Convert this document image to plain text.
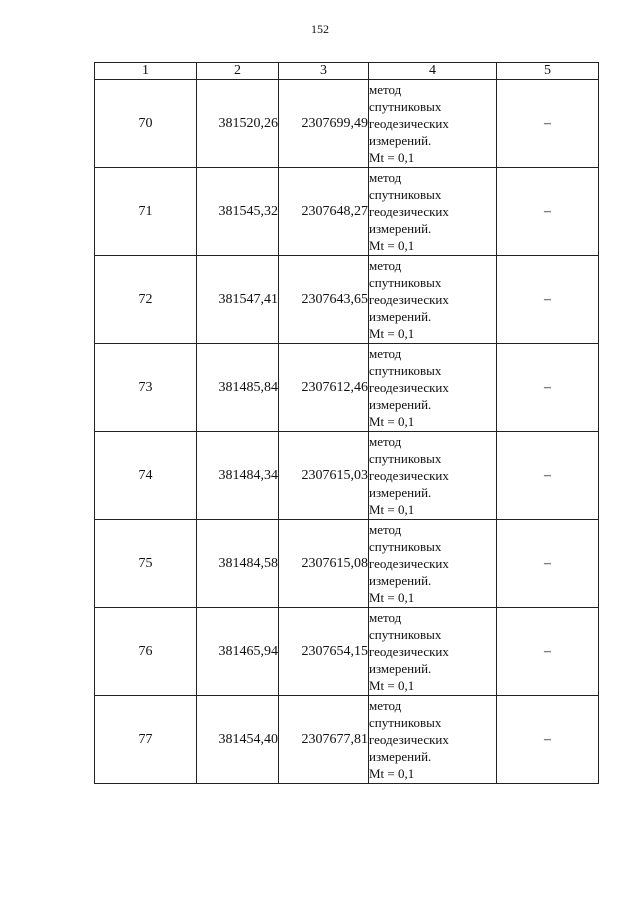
152
1	2	3	4	5
70	381520,26	2307699,49	метод
спутниковых
геодезических
измерений.
Mt = 0,1	–
71	381545,32	2307648,27	метод
спутниковых
геодезических
измерений.
Mt = 0,1	–
72	381547,41	2307643,65	метод
спутниковых
геодезических
измерений.
Mt = 0,1	–
73	381485,84	2307612,46	метод
спутниковых
геодезических
измерений.
Mt = 0,1	–
74	381484,34	2307615,03	метод
спутниковых
геодезических
измерений.
Mt = 0,1	–
75	381484,58	2307615,08	метод
спутниковых
геодезических
измерений.
Mt = 0,1	–
76	381465,94	2307654,15	метод
спутниковых
геодезических
измерений.
Mt = 0,1	–
77	381454,40	2307677,81	метод
спутниковых
геодезических
измерений.
Mt = 0,1	–
